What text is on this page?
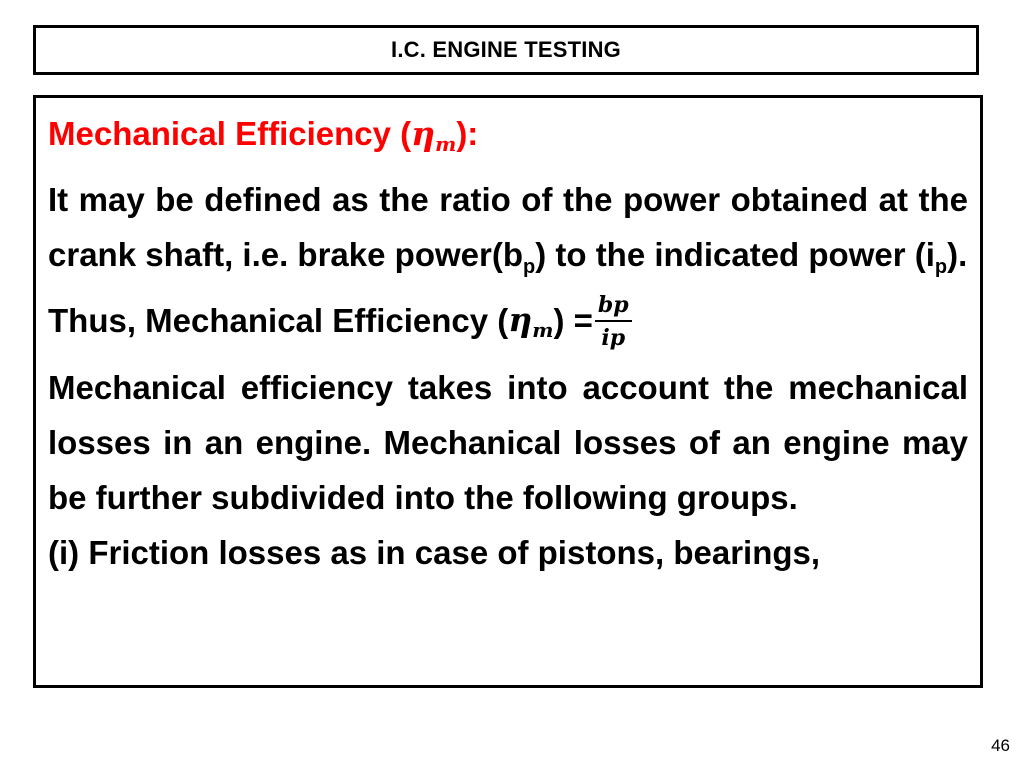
I.C. ENGINE TESTING

Mechanical Efficiency $(\eta_m)$:

It may be defined as the ratio of the power obtained at the crank shaft, i.e. brake $power(b_p)$ to the indicated power $(i_p)$.

Thus, Mechanical Efficiency ( $\eta_m$ ) = $\frac{bp}{ip}$

Mechanical efficiency takes into account the mechanical losses in an engine. Mechanical losses of an engine may be further subdivided into the following groups.

(i) Friction losses as in case of pistons, bearings,

46
